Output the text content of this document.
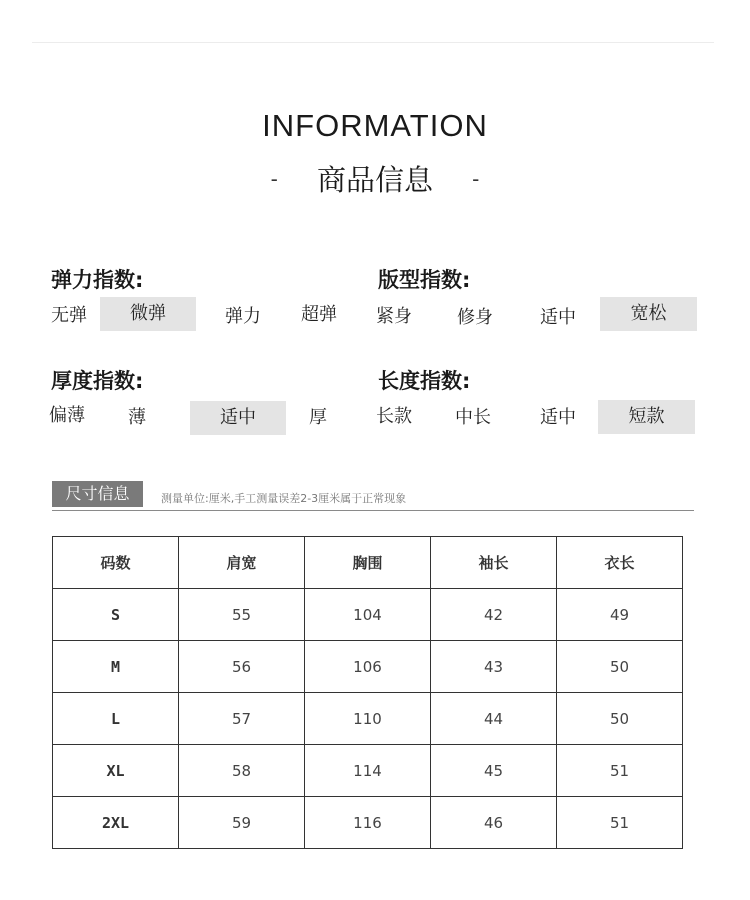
INFORMATION
- 商品信息 -
弹力指数:
无弹	微弹	弹力	超弹
版型指数:
紧身	修身	适中	宽松
厚度指数:
偏薄	薄	适中	厚
长度指数:
长款	中长	适中	短款
尺寸信息	测量单位:厘米,手工测量误差2-3厘米属于正常现象
码数	肩宽	胸围	袖长	衣长
S	55	104	42	49
M	56	106	43	50
L	57	110	44	50
XL	58	114	45	51
2XL	59	116	46	51
